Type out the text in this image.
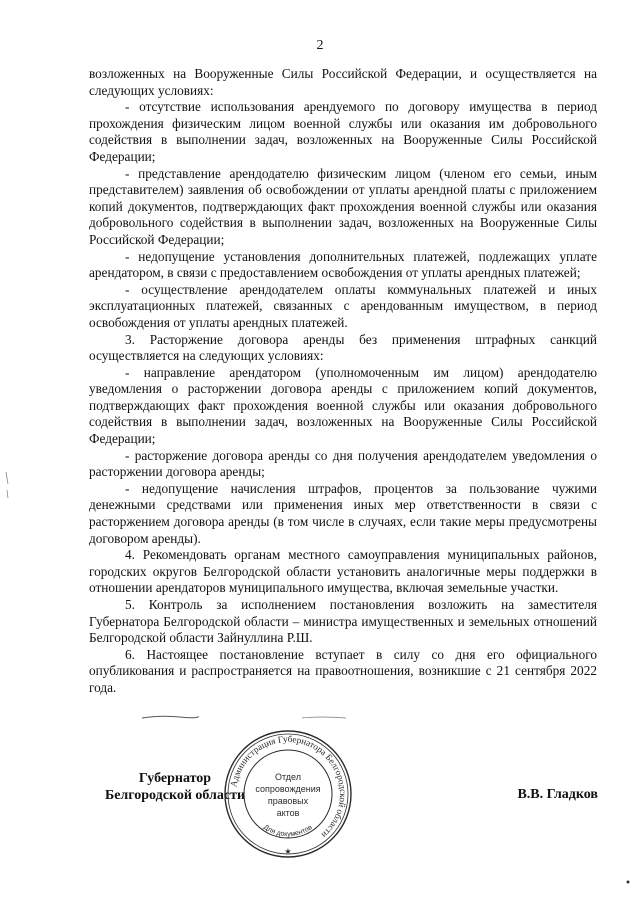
2

возложенных на Вооруженные Силы Российской Федерации, и осуществляется на следующих условиях:

- отсутствие использования арендуемого по договору имущества в период прохождения физическим лицом военной службы или оказания им добровольного содействия в выполнении задач, возложенных на Вооруженные Силы Российской Федерации;

- представление арендодателю физическим лицом (членом его семьи, иным представителем) заявления об освобождении от уплаты арендной платы с приложением копий документов, подтверждающих факт прохождения военной службы или оказания добровольного содействия в выполнении задач, возложенных на Вооруженные Силы Российской Федерации;

- недопущение установления дополнительных платежей, подлежащих уплате арендатором, в связи с предоставлением освобождения от уплаты арендных платежей;

- осуществление арендодателем оплаты коммунальных платежей и иных эксплуатационных платежей, связанных с арендованным имуществом, в период освобождения от уплаты арендных платежей.

3. Расторжение договора аренды без применения штрафных санкций осуществляется на следующих условиях:

- направление арендатором (уполномоченным им лицом) арендодателю уведомления о расторжении договора аренды с приложением копий документов, подтверждающих факт прохождения военной службы или оказания добровольного содействия в выполнении задач, возложенных на Вооруженные Силы Российской Федерации;

- расторжение договора аренды со дня получения арендодателем уведомления о расторжении договора аренды;

- недопущение начисления штрафов, процентов за пользование чужими денежными средствами или применения иных мер ответственности в связи с расторжением договора аренды (в том числе в случаях, если такие меры предусмотрены договором аренды).

4. Рекомендовать органам местного самоуправления муниципальных районов, городских округов Белгородской области установить аналогичные меры поддержки в отношении арендаторов муниципального имущества, включая земельные участки.

5. Контроль за исполнением постановления возложить на заместителя Губернатора Белгородской области – министра имущественных и земельных отношений Белгородской области Зайнуллина Р.Ш.

6. Настоящее постановление вступает в силу со дня его официального опубликования и распространяется на правоотношения, возникшие с 21 сентября 2022 года.

Губернатор
Белгородской области	В.В. Гладков
Администрация Губернатора Белгородской области
Для документов
Отдел
сопровождения
правовых
актов
★
